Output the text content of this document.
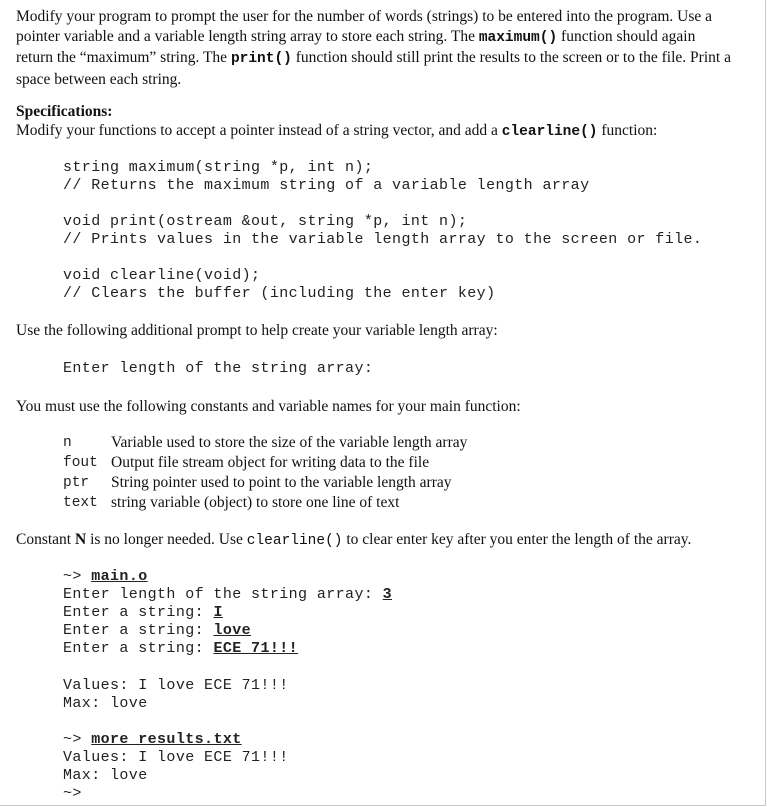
Modify your program to prompt the user for the number of words (strings) to be entered into the program. Use a pointer variable and a variable length string array to store each string. The maximum() function should again return the “maximum” string. The print() function should still print the results to the screen or to the file. Print a space between each string.

Specifications:

Modify your functions to accept a pointer instead of a string vector, and add a clearline() function:

string maximum(string *p, int n);
// Returns the maximum string of a variable length array
void print(ostream &out, string *p, int n);
// Prints values in the variable length array to the screen or file.
void clearline(void);
// Clears the buffer (including the enter key)

Use the following additional prompt to help create your variable length array:

Enter length of the string array:

You must use the following constants and variable names for your main function:

n	Variable used to store the size of the variable length array
fout	Output file stream object for writing data to the file
ptr	String pointer used to point to the variable length array
text	string variable (object) to store one line of text

Constant N is no longer needed. Use clearline() to clear enter key after you enter the length of the array.

~> main.o
Enter length of the string array: 3
Enter a string: I
Enter a string: love
Enter a string: ECE 71!!!
Values: I love ECE 71!!!
Max: love
~> more results.txt
Values: I love ECE 71!!!
Max: love
~>
